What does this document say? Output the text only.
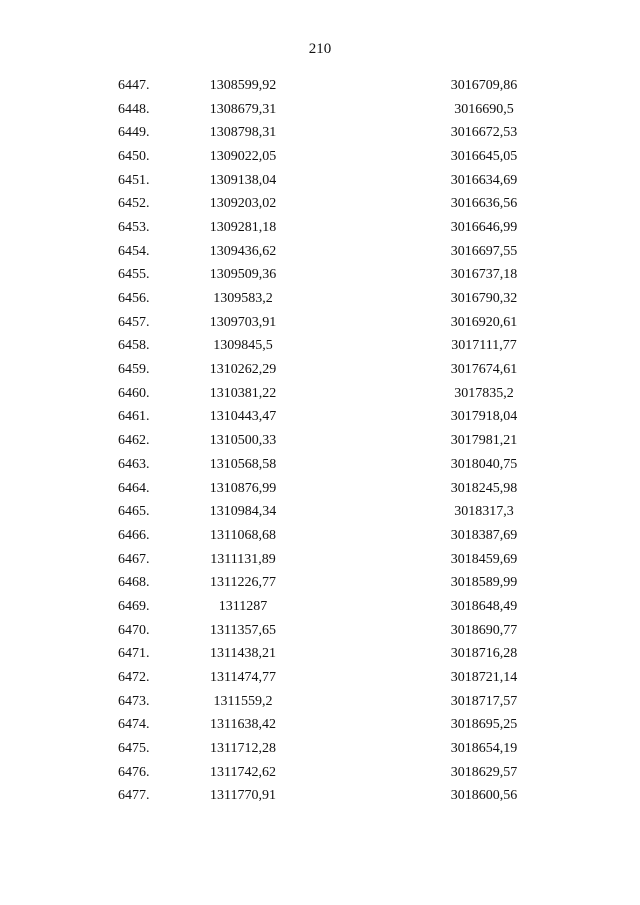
210
6447.	1308599,92	3016709,86
6448.	1308679,31	3016690,5
6449.	1308798,31	3016672,53
6450.	1309022,05	3016645,05
6451.	1309138,04	3016634,69
6452.	1309203,02	3016636,56
6453.	1309281,18	3016646,99
6454.	1309436,62	3016697,55
6455.	1309509,36	3016737,18
6456.	1309583,2	3016790,32
6457.	1309703,91	3016920,61
6458.	1309845,5	3017111,77
6459.	1310262,29	3017674,61
6460.	1310381,22	3017835,2
6461.	1310443,47	3017918,04
6462.	1310500,33	3017981,21
6463.	1310568,58	3018040,75
6464.	1310876,99	3018245,98
6465.	1310984,34	3018317,3
6466.	1311068,68	3018387,69
6467.	1311131,89	3018459,69
6468.	1311226,77	3018589,99
6469.	1311287	3018648,49
6470.	1311357,65	3018690,77
6471.	1311438,21	3018716,28
6472.	1311474,77	3018721,14
6473.	1311559,2	3018717,57
6474.	1311638,42	3018695,25
6475.	1311712,28	3018654,19
6476.	1311742,62	3018629,57
6477.	1311770,91	3018600,56
